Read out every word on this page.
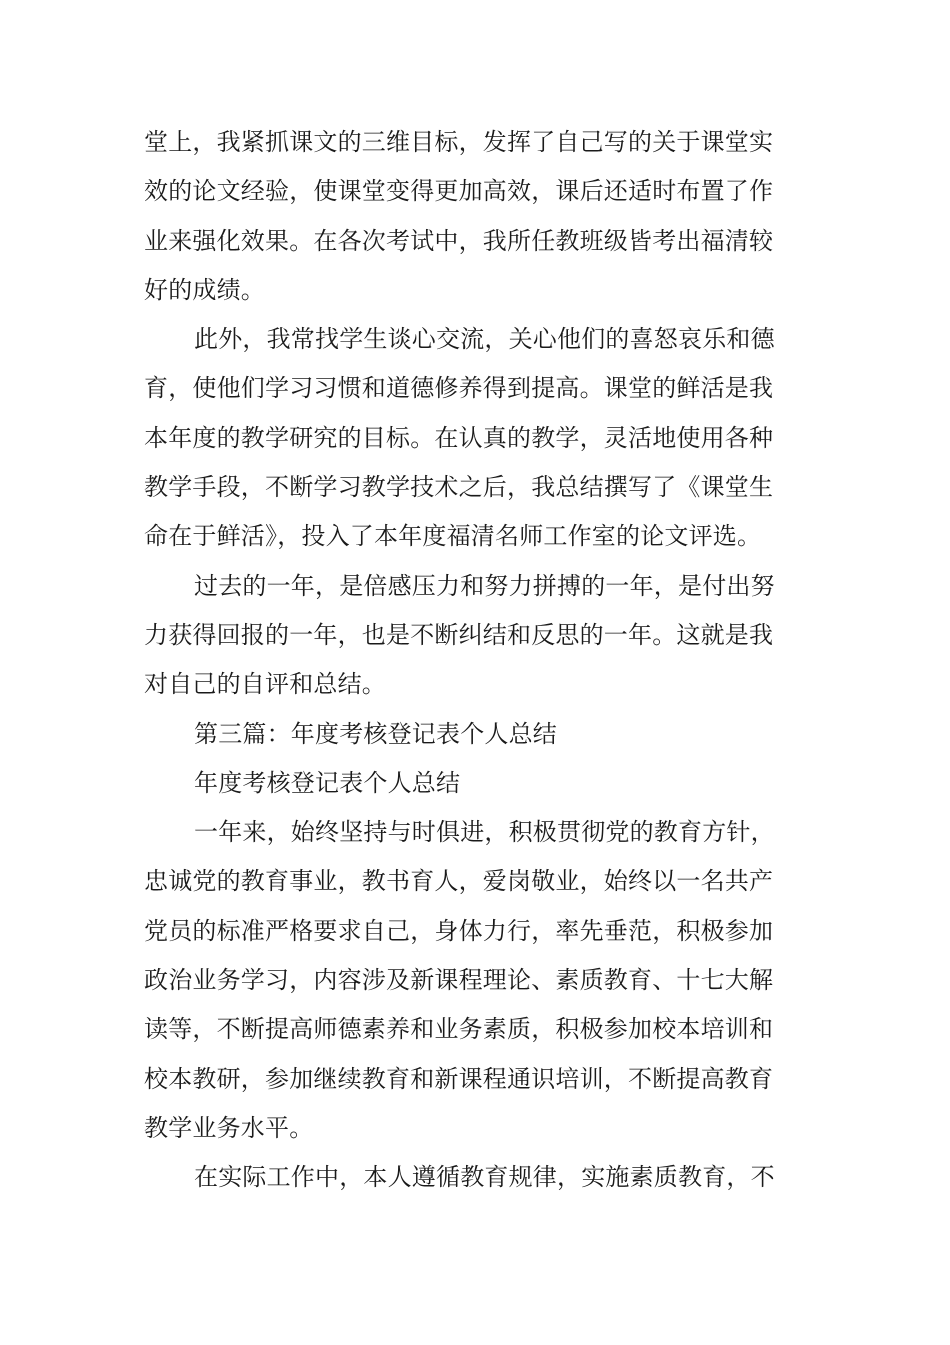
堂上，我紧抓课文的三维目标，发挥了自己写的关于课堂实
效的论文经验，使课堂变得更加高效，课后还适时布置了作
业来强化效果。在各次考试中，我所任教班级皆考出福清较
好的成绩。
此外，我常找学生谈心交流，关心他们的喜怒哀乐和德
育，使他们学习习惯和道德修养得到提高。课堂的鲜活是我
本年度的教学研究的目标。在认真的教学，灵活地使用各种
教学手段，不断学习教学技术之后，我总结撰写了《课堂生
命在于鲜活》，投入了本年度福清名师工作室的论文评选。
过去的一年，是倍感压力和努力拼搏的一年，是付出努
力获得回报的一年，也是不断纠结和反思的一年。这就是我
对自己的自评和总结。
第三篇：年度考核登记表个人总结
年度考核登记表个人总结
一年来，始终坚持与时俱进，积极贯彻党的教育方针，
忠诚党的教育事业，教书育人，爱岗敬业，始终以一名共产
党员的标准严格要求自己，身体力行，率先垂范，积极参加
政治业务学习，内容涉及新课程理论、素质教育、十七大解
读等，不断提高师德素养和业务素质，积极参加校本培训和
校本教研，参加继续教育和新课程通识培训，不断提高教育
教学业务水平。
在实际工作中，本人遵循教育规律，实施素质教育，不
